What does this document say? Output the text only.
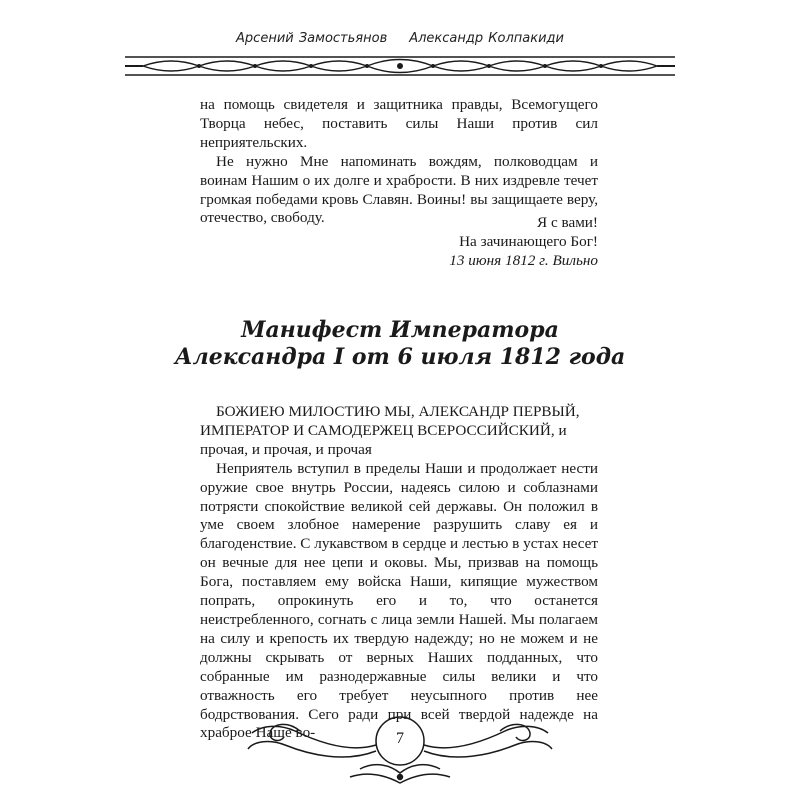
Арсений Замостьянов Александр Колпакиди

на помощь свидетеля и защитника правды, Всемогущего Творца небес, поставить силы Наши против сил неприятельских.

Не нужно Мне напоминать вождям, полководцам и воинам Нашим о их долге и храбрости. В них издревле течет громкая победами кровь Славян. Воины! вы защищаете веру, отечество, свободу.	Я с вами!
На зачинающего Бог!
13 июня 1812 г. Вильно
Манифест Императора
Александра I от 6 июля 1812 года

БОЖИЕЮ МИЛОСТИЮ МЫ, АЛЕКСАНДР ПЕРВЫЙ, ИМПЕРАТОР И САМОДЕРЖЕЦ ВСЕРОССИЙСКИЙ, и прочая, и прочая, и прочая

Неприятель вступил в пределы Наши и продолжает нести оружие свое внутрь России, надеясь силою и соблазнами потрясти спокойствие великой сей державы. Он положил в уме своем злобное намерение разрушить славу ея и благоденствие. С лукавством в сердце и лестью в устах несет он вечные для нее цепи и оковы. Мы, призвав на помощь Бога, поставляем ему войска Наши, кипящие мужеством попрать, опрокинуть его и то, что останется неистребленного, согнать с лица земли Нашей. Мы полагаем на силу и крепость их твердую надежду; но не можем и не должны скрывать от верных Наших подданных, что собранные им разнодержавные силы велики и что отважность его требует неусыпного против нее бодрствования. Сего ради при всей твердой надежде на храброе Наше во-	7
